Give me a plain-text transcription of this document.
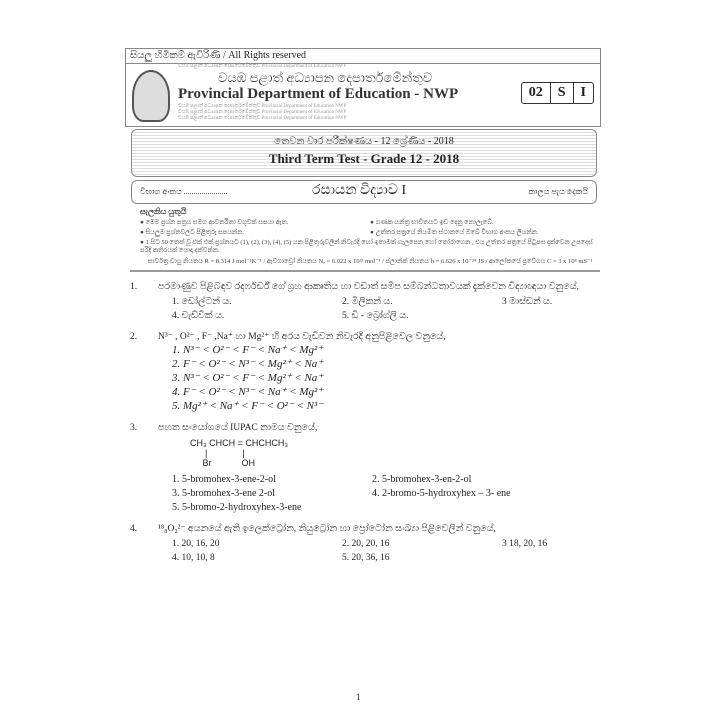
සියලු හිමිකම් ඇවිරිණි / All Rights reserved
වයඹ පළාත් අධ්‍යාපන දෙපාර්තමේන්තුව Provincial Department of Education NWP
වයඹ පළාත් අධ්‍යාපන දෙපාර්තමේන්තුව
Provincial Department of Education - NWP
වයඹ පළාත් අධ්‍යාපන දෙපාර්තමේන්තුව Provincial Department of Education NWP
වයඹ පළාත් අධ්‍යාපන දෙපාර්තමේන්තුව Provincial Department of Education NWP
වයඹ පළාත් අධ්‍යාපන දෙපාර්තමේන්තුව Provincial Department of Education NWP
02	S	I
තෙවන වාර පරීක්ෂණය - 12 ශ්‍රේණිය - 2018
Third Term Test - Grade 12 - 2018
විභාග අංකය ......................	රසායන විද්‍යාව I	කාලය පැය දෙකයි
සැලකිය යුතුයි
● මෙම ප්‍රශ්න පත්‍රය සමග ආවර්තිතා වගුවක් සපයා ඇත.	● ගණක යන්ත්‍ර භාවිතයට ඉඩ දෙනු නොලැබේ.
● සියලුම ප්‍රශ්නවලට පිළිතුරු සපයන්න.	● උත්තර පත්‍රයේ නියමිත ස්ථානයේ ඔබේ විභාග අංකය ලියන්න.
● 1 සිට 50 තෙක් වූ එක් එක් ප්‍රශ්නයට (1), (2), (3), (4), (5) යන පිළිතුරුවලින් නිවැරදි හෝ ඉතාමත් ගැලපෙන හෝ තෝරාගෙන , එය උත්තර පත්‍රයේ පිටුපස දැක්වෙන උපදෙස් පරිදි කතිරයක් යොදා දක්වන්න.
සාර්වත්‍ර වායු නියතය R = 8.314 J mol⁻¹K⁻¹ / ඇවගාඩ්‍රෝ නියතය Nₐ = 6.022 x 10²³ mol⁻¹ / ප්ලාන්ක් නියතය h = 6.626 x 10⁻³⁴ JS / ආලෝකයේ ප්‍රවේගය C = 3 x 10⁸ mS⁻¹
1. පරමාණුව පිළිබඳව රදර්ෆර්ඩ් ගේ ග්‍රහ ආකෘතිය හා වඩාත් සමීප සම්බන්ධතාවයක් දැක්වෙන විද්‍යාඥයා වනුයේ,
1. ඩෝල්ටන් ය.	2. මිලිකන් ය.	3 මාස්ඩන් ය.
4. චැඩ්වික් ය.	5. ඩි - බ්‍රෝග්ලි ය.
2. N³⁻ , O²⁻ , F⁻ ,Na⁺ හා Mg²⁺ හි අරය වැඩිවන නිවැරදි අනුපිළිවෙල වනුයේ,
1. N³⁻ < O²⁻ < F⁻ < Na⁺ < Mg²⁺
2. F⁻ < O²⁻ < N³⁻ < Mg²⁺ < Na⁺
3. N³⁻ < O²⁻ < F⁻ < Mg²⁺ < Na⁺
4. F⁻ < O²⁻ < N³⁻ < Na⁺ < Mg²⁺
5. Mg²⁺ < Na⁺ < F⁻ < O²⁻ < N³⁻
3. පහත සංයෝගයේ IUPAC නාමය වනුයේ,
CH₃ CHCH = CHCHCH₃
|              |
Br            OH
1. 5-bromohex-3-ene-2-ol	2. 5-bromohex-3-en-2-ol
3. 5-bromohex-3-ene 2-ol	4. 2-bromo-5-hydroxyhex – 3- ene
5. 5-bromo-2-hydroxyhex-3-ene
4. ¹⁸₈O₂²⁻ අයනයේ ඇති ඉලෙක්ට්‍රෝන, නියුට්‍රෝන හා ප්‍රෝටෝන සංඛ්‍යා පිළිවෙලින් වනුයේ,
1. 20, 16, 20	2. 20, 20, 16	3 18, 20, 16
4. 10, 10, 8	5. 20, 36, 16
1
